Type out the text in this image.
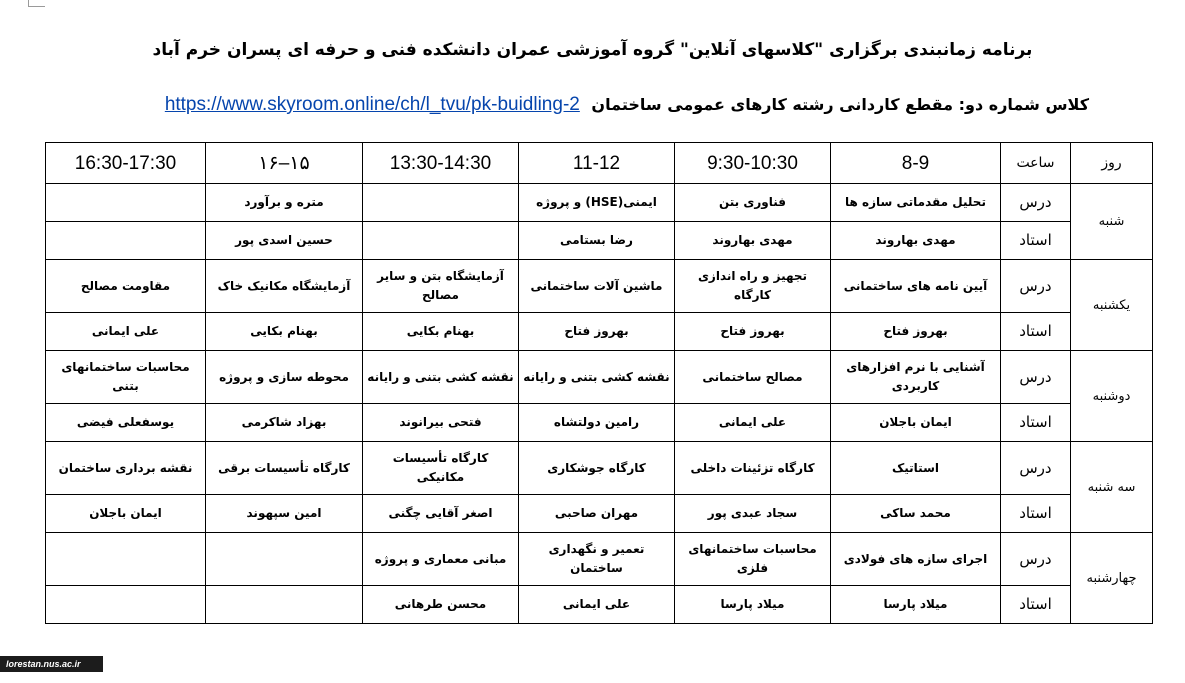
برنامه زمانبندی برگزاری "کلاسهای آنلاین" گروه آموزشی عمران دانشکده فنی و حرفه ای پسران خرم آباد
کلاس شماره دو: مقطع کاردانی رشته کارهای عمومی ساختمان https://www.skyroom.online/ch/l_tvu/pk-buidling-2
روز	ساعت	8-9	9:30-10:30	11-12	13:30-14:30	۱۵–۱۶	16:30-17:30
شنبه	درس	تحلیل مقدماتی سازه ها	فناوری بتن	ایمنی(HSE) و پروژه		متره و برآورد	
	استاد	مهدی بهاروند	مهدی بهاروند	رضا بستامی		حسین اسدی پور	
یکشنبه	درس	آیین نامه های ساختمانی	تجهیز و راه اندازی کارگاه	ماشین آلات ساختمانی	آزمایشگاه بتن و سایر مصالح	آزمایشگاه مکانیک خاک	مقاومت مصالح
	استاد	بهروز فتاح	بهروز فتاح	بهروز فتاح	بهنام بکایی	بهنام بکایی	علی ایمانی
دوشنبه	درس	آشنایی با نرم افزارهای کاربردی	مصالح ساختمانی	نقشه کشی بتنی و رایانه	نقشه کشی بتنی و رایانه	محوطه سازی و پروژه	محاسبات ساختمانهای بتنی
	استاد	ایمان باجلان	علی ایمانی	رامین دولتشاه	فتحی بیرانوند	بهزاد شاکرمی	یوسفعلی فیضی
سه شنبه	درس	استاتیک	کارگاه تزئینات داخلی	کارگاه جوشکاری	کارگاه تأسیسات مکانیکی	کارگاه تأسیسات برقی	نقشه برداری ساختمان
	استاد	محمد ساکی	سجاد عبدی پور	مهران صاحبی	اصغر آقایی چگنی	امین سپهوند	ایمان باجلان
چهارشنبه	درس	اجرای سازه های فولادی	محاسبات ساختمانهای فلزی	تعمیر و نگهداری ساختمان	مبانی معماری و پروژه		
	استاد	میلاد پارسا	میلاد پارسا	علی ایمانی	محسن طرهانی		
lorestan.nus.ac.ir
